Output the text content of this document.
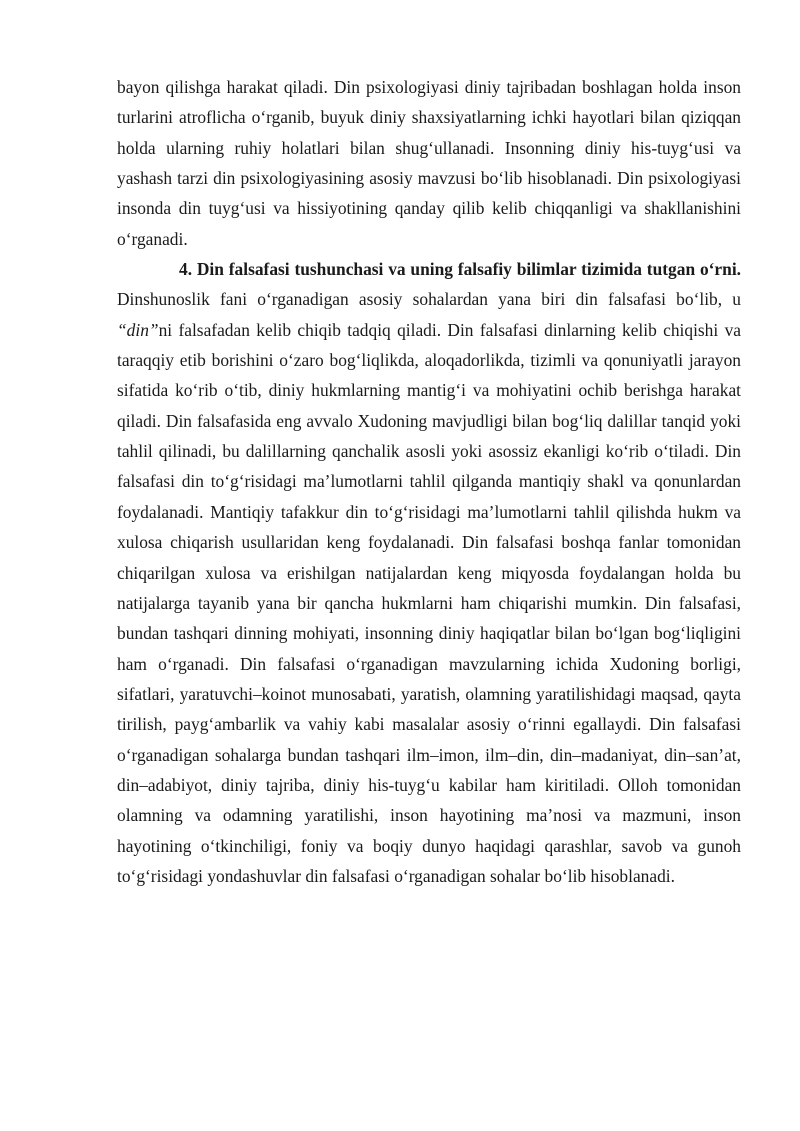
bayon qilishga harakat qiladi. Din psixologiyasi diniy tajribadan boshlagan holda inson turlarini atroflicha o‘rganib, buyuk diniy shaxsiyatlarning ichki hayotlari bilan qiziqqan holda ularning ruhiy holatlari bilan shug‘ullanadi. Insonning diniy his-tuyg‘usi va yashash tarzi din psixologiyasining asosiy mavzusi bo‘lib hisoblanadi. Din psixologiyasi insonda din tuyg‘usi va hissiyotining qanday qilib kelib chiqqanligi va shakllanishini o‘rganadi.

4. Din falsafasi tushunchasi va uning falsafiy bilimlar tizimida tutgan o‘rni. Dinshunoslik fani o‘rganadigan asosiy sohalardan yana biri din falsafasi bo‘lib, u “din”ni falsafadan kelib chiqib tadqiq qiladi. Din falsafasi dinlarning kelib chiqishi va taraqqiy etib borishini o‘zaro bog‘liqlikda, aloqadorlikda, tizimli va qonuniyatli jarayon sifatida ko‘rib o‘tib, diniy hukmlarning mantig‘i va mohiyatini ochib berishga harakat qiladi. Din falsafasida eng avvalo Xudoning mavjudligi bilan bog‘liq dalillar tanqid yoki tahlil qilinadi, bu dalillarning qanchalik asosli yoki asossiz ekanligi ko‘rib o‘tiladi. Din falsafasi din to‘g‘risidagi ma’lumotlarni tahlil qilganda mantiqiy shakl va qonunlardan foydalanadi. Mantiqiy tafakkur din to‘g‘risidagi ma’lumotlarni tahlil qilishda hukm va xulosa chiqarish usullaridan keng foydalanadi. Din falsafasi boshqa fanlar tomonidan chiqarilgan xulosa va erishilgan natijalardan keng miqyosda foydalangan holda bu natijalarga tayanib yana bir qancha hukmlarni ham chiqarishi mumkin. Din falsafasi, bundan tashqari dinning mohiyati, insonning diniy haqiqatlar bilan bo‘lgan bog‘liqligini ham o‘rganadi. Din falsafasi o‘rganadigan mavzularning ichida Xudoning borligi, sifatlari, yaratuvchi–koinot munosabati, yaratish, olamning yaratilishidagi maqsad, qayta tirilish, payg‘ambarlik va vahiy kabi masalalar asosiy o‘rinni egallaydi. Din falsafasi o‘rganadigan sohalarga bundan tashqari ilm–imon, ilm–din, din–madaniyat, din–san’at, din–adabiyot, diniy tajriba, diniy his-tuyg‘u kabilar ham kiritiladi. Olloh tomonidan olamning va odamning yaratilishi, inson hayotining ma’nosi va mazmuni, inson hayotining o‘tkinchiligi, foniy va boqiy dunyo haqidagi qarashlar, savob va gunoh to‘g‘risidagi yondashuvlar din falsafasi o‘rganadigan sohalar bo‘lib hisoblanadi.
